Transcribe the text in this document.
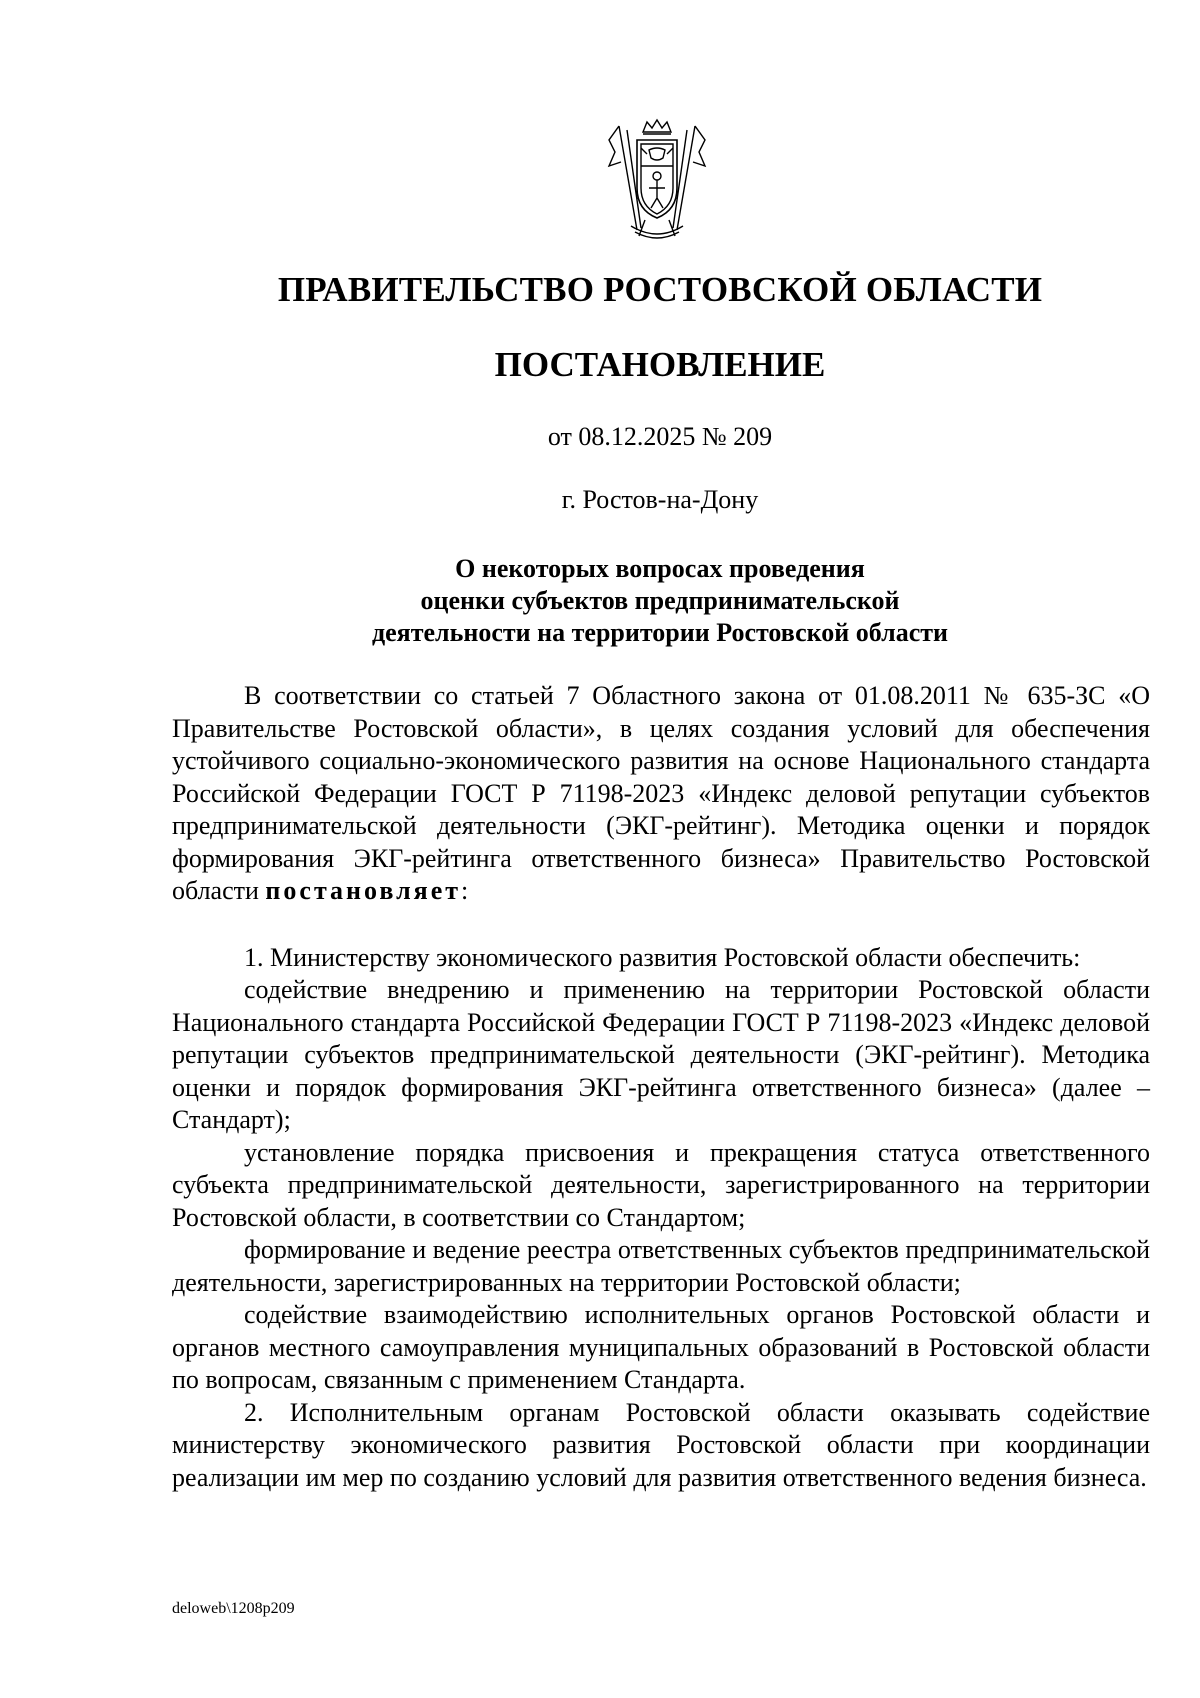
ПРАВИТЕЛЬСТВО РОСТОВСКОЙ ОБЛАСТИ
ПОСТАНОВЛЕНИЕ
от 08.12.2025 № 209
г. Ростов-на-Дону
О некоторых вопросах проведения
оценки субъектов предпринимательской
деятельности на территории Ростовской области

В соответствии со статьей 7 Областного закона от 01.08.2011 № 635-ЗС «О Правительстве Ростовской области», в целях создания условий для обеспечения устойчивого социально-экономического развития на основе Национального стандарта Российской Федерации ГОСТ Р 71198-2023 «Индекс деловой репутации субъектов предпринимательской деятельности (ЭКГ-рейтинг). Методика оценки и порядок формирования ЭКГ-рейтинга ответственного бизнеса» Правительство Ростовской области постановляет:

1. Министерству экономического развития Ростовской области обеспечить:

содействие внедрению и применению на территории Ростовской области Национального стандарта Российской Федерации ГОСТ Р 71198-2023 «Индекс деловой репутации субъектов предпринимательской деятельности (ЭКГ-рейтинг). Методика оценки и порядок формирования ЭКГ-рейтинга ответственного бизнеса» (далее – Стандарт);

установление порядка присвоения и прекращения статуса ответственного субъекта предпринимательской деятельности, зарегистрированного на территории Ростовской области, в соответствии со Стандартом;

формирование и ведение реестра ответственных субъектов предпринимательской деятельности, зарегистрированных на территории Ростовской области;

содействие взаимодействию исполнительных органов Ростовской области и органов местного самоуправления муниципальных образований в Ростовской области по вопросам, связанным с применением Стандарта.

2. Исполнительным органам Ростовской области оказывать содействие министерству экономического развития Ростовской области при координации реализации им мер по созданию условий для развития ответственного ведения бизнеса.

deloweb\1208p209
